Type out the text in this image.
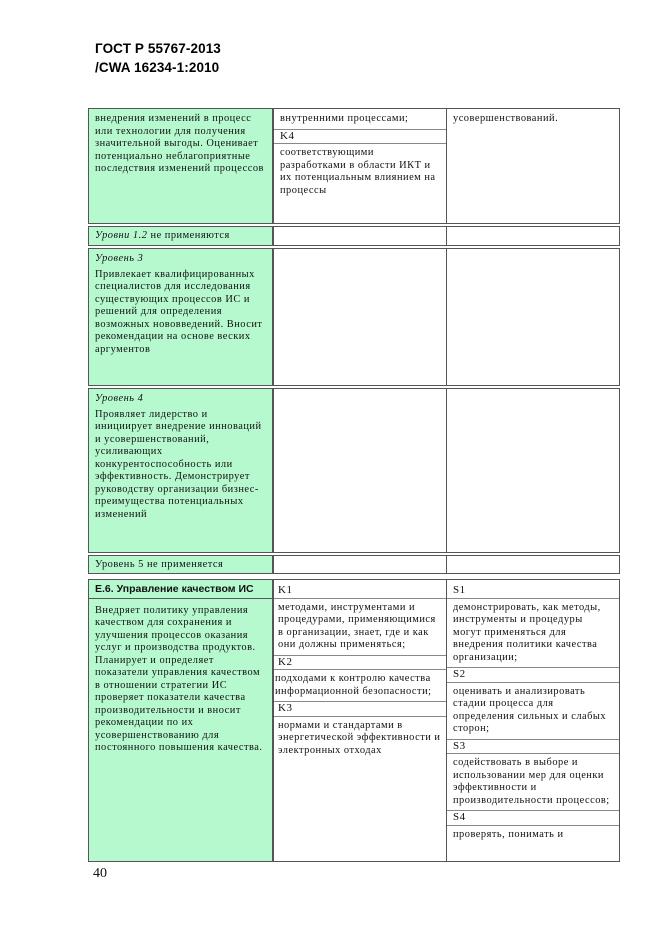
ГОСТ Р 55767-2013
/CWA 16234-1:2010

внедрения изменений в процесс или технологии для получения значительной выгоды. Оценивает потенциально неблагоприятные последствия изменений процессов

внутренними процессами;
K4
соответствующими разработками в области ИКТ и их потенциальным влиянием на процессы
усовершенствований.
Уровни 1.2 не применяются
Уровень 3

Привлекает квалифицированных специалистов для исследования существующих процессов ИС и решений для определения возможных нововведений. Вносит рекомендации на основе веских аргументов

Уровень 4

Проявляет лидерство и инициирует внедрение инноваций и усовершенствований, усиливающих конкурентоспособность или эффективность. Демонстрирует руководству организации бизнес-преимущества потенциальных изменений

Уровень 5 не применяется
Е.6. Управление качеством ИС

Внедряет политику управления качеством для сохранения и улучшения процессов оказания услуг и производства продуктов. Планирует и определяет показатели управления качеством в отношении стратегии ИС проверяет показатели качества производительности и вносит рекомендации по их усовершенствованию для постоянного повышения качества.

K1
методами, инструментами и процедурами, применяющимися в организации, знает, где и как они должны применяться;
K2
подходами к контролю качества информационной безопасности;
K3
нормами и стандартами в энергетической эффективности и электронных отходах
S1
демонстрировать, как методы, инструменты и процедуры могут применяться для внедрения политики качества организации;
S2
оценивать и анализировать стадии процесса для определения сильных и слабых сторон;
S3
содействовать в выборе и использовании мер для оценки эффективности и производительности процессов;
S4
проверять, понимать и
40
